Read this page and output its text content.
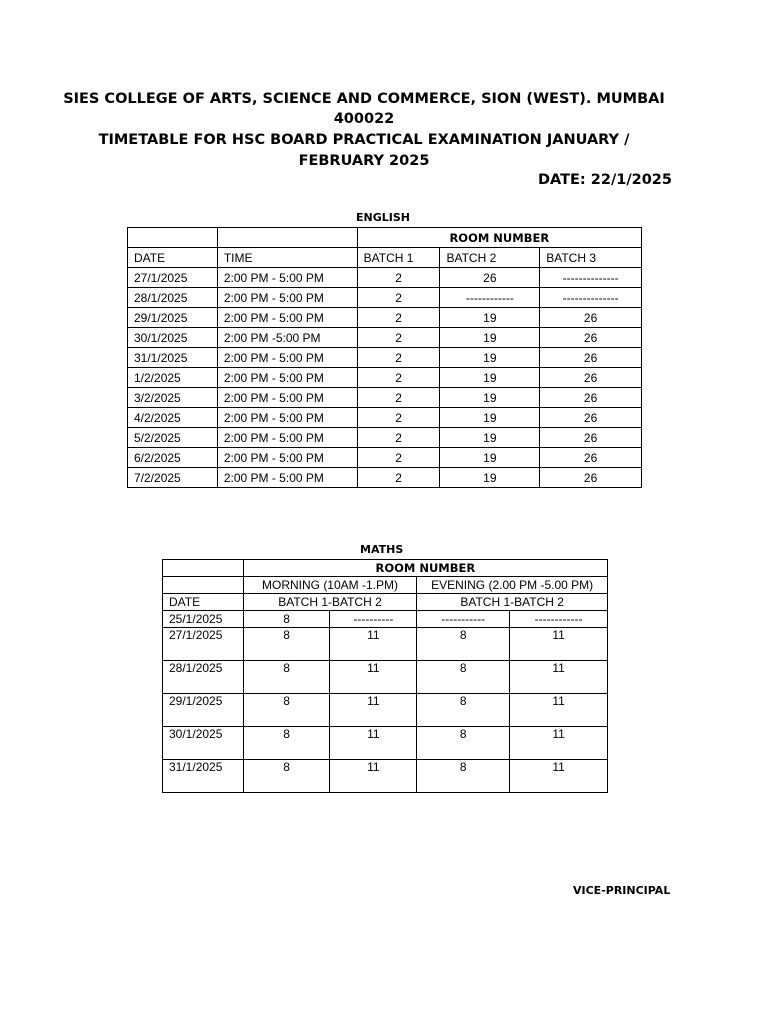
SIES COLLEGE OF ARTS, SCIENCE AND COMMERCE, SION (WEST). MUMBAI
400022
TIMETABLE FOR HSC BOARD PRACTICAL EXAMINATION JANUARY /
FEBRUARY 2025
DATE: 22/1/2025
ENGLISH
		ROOM NUMBER		
DATE	TIME	BATCH 1	BATCH 2	BATCH 3
27/1/2025	2:00 PM - 5:00 PM	2	26	--------------
28/1/2025	2:00 PM - 5:00 PM	2	------------	--------------
29/1/2025	2:00 PM - 5:00 PM	2	19	26
30/1/2025	2:00 PM -5:00 PM	2	19	26
31/1/2025	2:00 PM - 5:00 PM	2	19	26
1/2/2025	2:00 PM - 5:00 PM	2	19	26
3/2/2025	2:00 PM - 5:00 PM	2	19	26
4/2/2025	2:00 PM - 5:00 PM	2	19	26
5/2/2025	2:00 PM - 5:00 PM	2	19	26
6/2/2025	2:00 PM - 5:00 PM	2	19	26
7/2/2025	2:00 PM - 5:00 PM	2	19	26
MATHS
	ROOM NUMBER			
	MORNING (10AM -1.PM)		EVENING (2.00 PM -5.00 PM)	
DATE	BATCH 1-BATCH 2		BATCH 1-BATCH 2	
25/1/2025	8	----------	-----------	------------
27/1/2025	8	11	8	11
28/1/2025	8	11	8	11
29/1/2025	8	11	8	11
30/1/2025	8	11	8	11
31/1/2025	8	11	8	11
VICE-PRINCIPAL
